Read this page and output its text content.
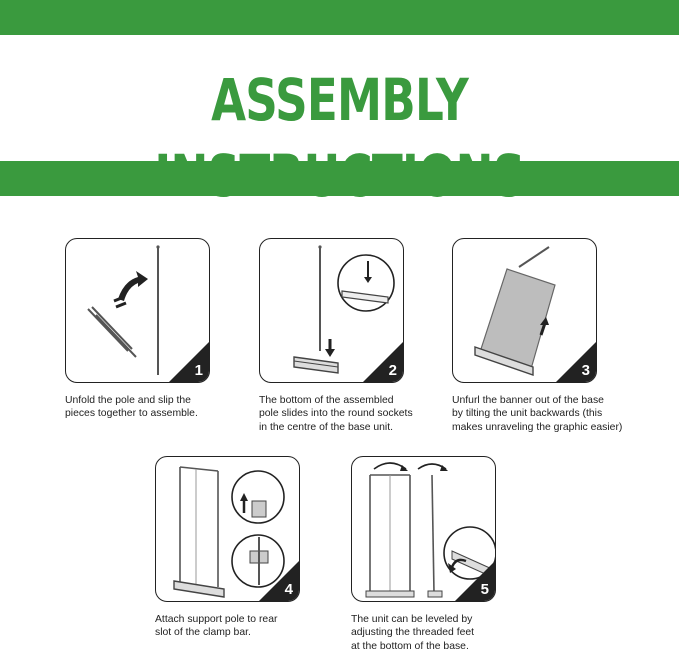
ASSEMBLY
1
Unfold the pole and slip the
pieces together to assemble.
2
The bottom of the assembled
pole slides into the round sockets
in the centre of the base unit.
3
Unfurl the banner out of the base
by tilting the unit backwards (this
makes unraveling the graphic easier)
4
Attach support pole to rear
slot of the clamp bar.
5
The unit can be leveled by
adjusting the threaded feet
at the bottom of the base.
